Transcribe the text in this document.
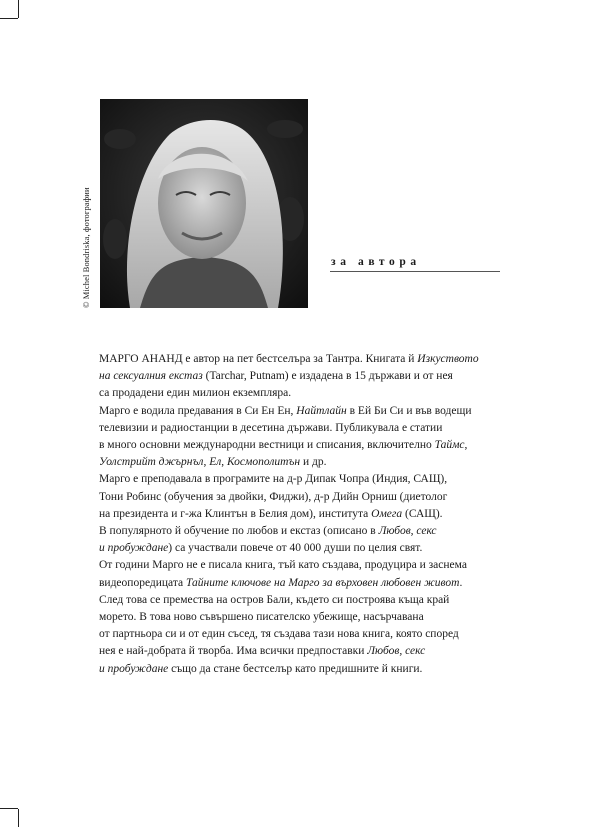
© Michel Bondriska, фотографии	за автора
МАРГО АНАНД е автор на пет бестселъра за Тантра. Книгата й Изкуството
на сексуалния екстаз (Tarchar, Putnam) е издадена в 15 държави и от нея
са продадени един милион екземпляра.
Марго е водила предавания в Си Ен Ен, Найтлайн в Ей Би Си и във водещи
телевизии и радиостанции в десетина държави. Публикувала е статии
в много основни международни вестници и списания, включително Таймс,
Уолстрийт джърнъл, Ел, Космополитън и др.
Марго е преподавала в програмите на д-р Дипак Чопра (Индия, САЩ),
Тони Робинс (обучения за двойки, Фиджи), д-р Дийн Орниш (диетолог
на президента и г-жа Клинтън в Белия дом), института Омега (САЩ).
В популярното й обучение по любов и екстаз (описано в Любов, секс
и пробуждане) са участвали повече от 40 000 души по целия свят.
От години Марго не е писала книга, тъй като създава, продуцира и заснема
видеопоредицата Тайните ключове на Марго за върховен любовен живот.
След това се премества на остров Бали, където си построява къща край
морето. В това ново съвършено писателско убежище, насърчавана
от партньора си и от един съсед, тя създава тази нова книга, която според
нея е най-добрата й творба. Има всички предпоставки Любов, секс
и пробуждане също да стане бестселър като предишните й книги.
